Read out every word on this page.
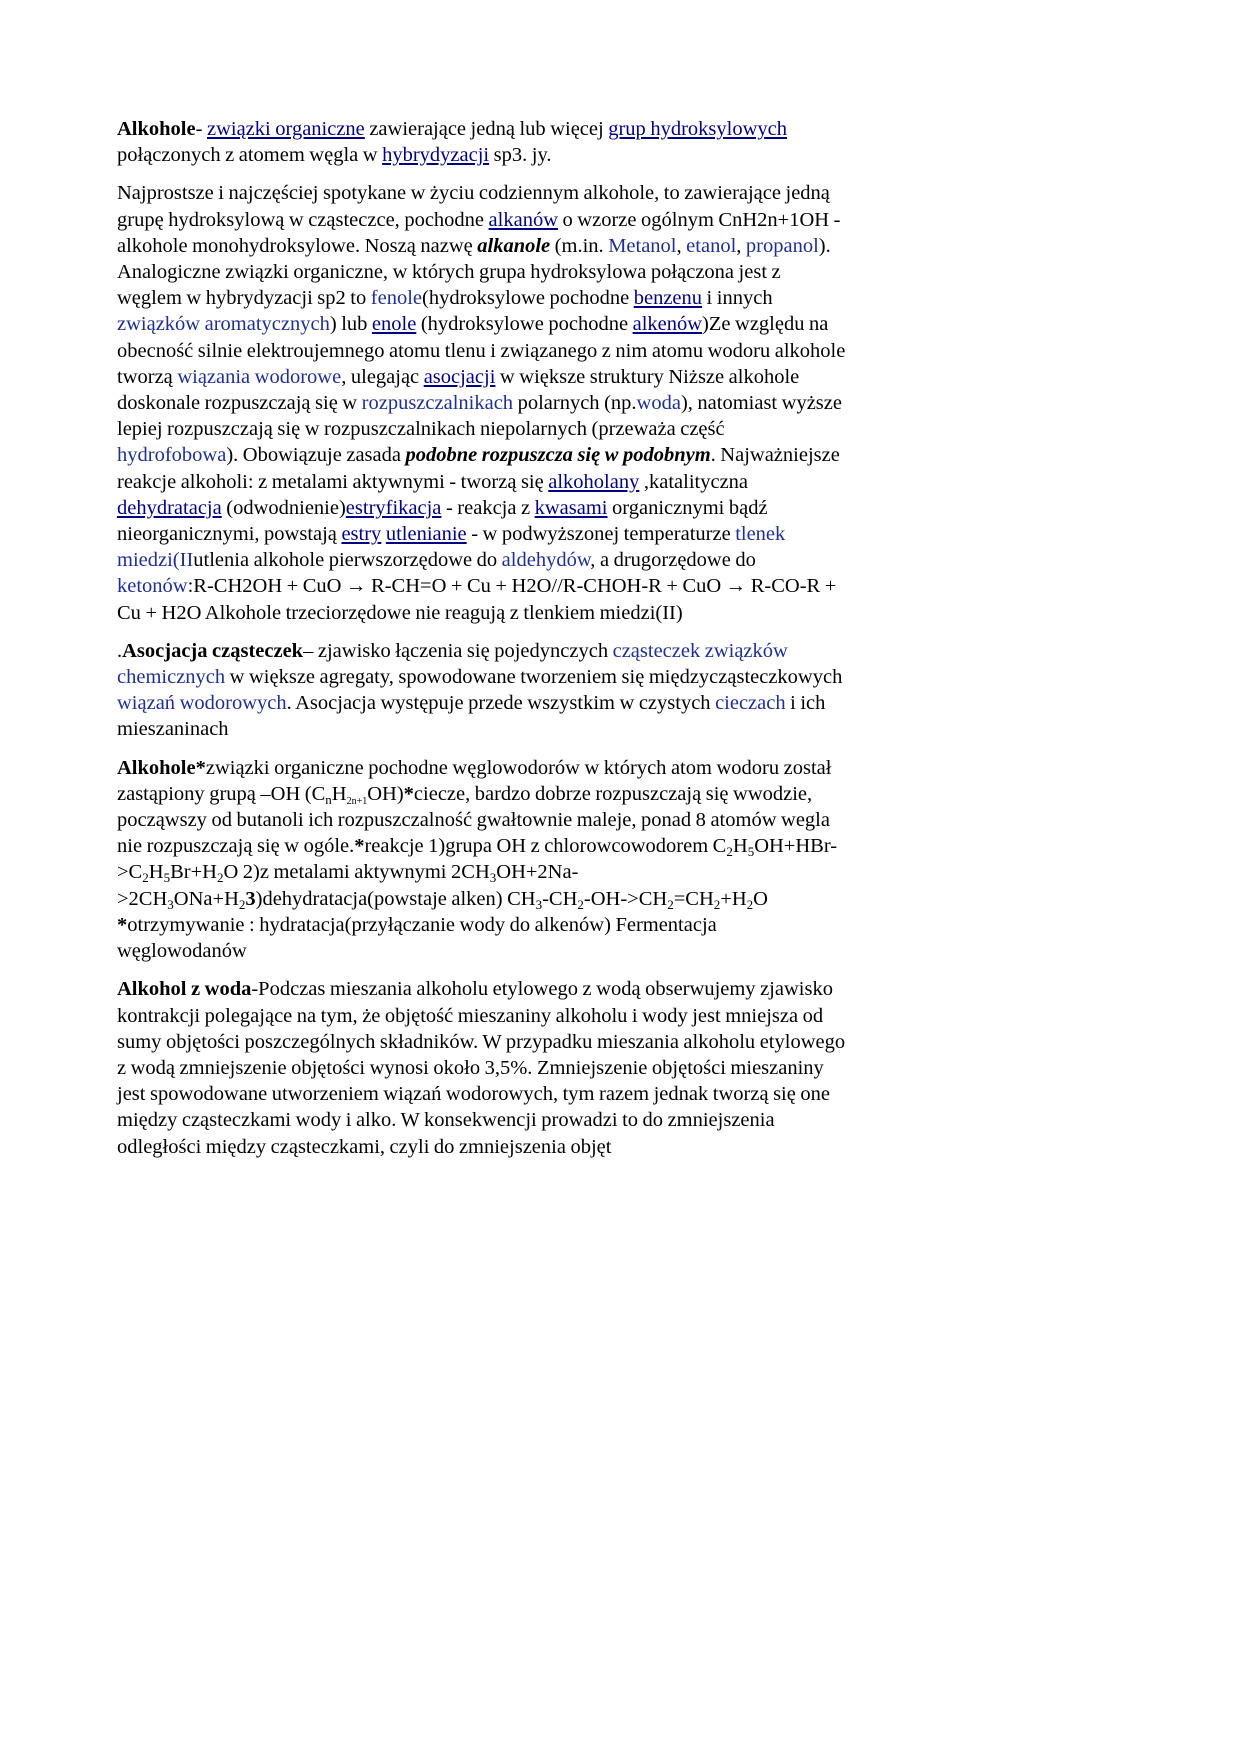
Alkohole- związki organiczne zawierające jedną lub więcej grup hydroksylowych
połączonych z atomem węgla w hybrydyzacji sp3. jy.
Najprostsze i najczęściej spotykane w życiu codziennym alkohole, to zawierające jedną
grupę hydroksylową w cząsteczce, pochodne alkanów o wzorze ogólnym CnH2n+1OH -
alkohole monohydroksylowe. Noszą nazwę alkanole (m.in. Metanol, etanol, propanol).
Analogiczne związki organiczne, w których grupa hydroksylowa połączona jest z
węglem w hybrydyzacji sp2 to fenole(hydroksylowe pochodne benzenu i innych
związków aromatycznych) lub enole (hydroksylowe pochodne alkenów)Ze względu na
obecność silnie elektroujemnego atomu tlenu i związanego z nim atomu wodoru alkohole
tworzą wiązania wodorowe, ulegając asocjacji w większe struktury Niższe alkohole
doskonale rozpuszczają się w rozpuszczalnikach polarnych (np.woda), natomiast wyższe
lepiej rozpuszczają się w rozpuszczalnikach niepolarnych (przeważa część
hydrofobowa). Obowiązuje zasada podobne rozpuszcza się w podobnym. Najważniejsze
reakcje alkoholi: z metalami aktywnymi - tworzą się alkoholany ,katalityczna
dehydratacja (odwodnienie)estryfikacja - reakcja z kwasami organicznymi bądź
nieorganicznymi, powstają estry utlenianie - w podwyższonej temperaturze tlenek
miedzi(IIutlenia alkohole pierwszorzędowe do aldehydów, a drugorzędowe do
ketonów:R-CH2OH + CuO → R-CH=O + Cu + H2O//R-CHOH-R + CuO → R-CO-R +
Cu + H2O Alkohole trzeciorzędowe nie reagują z tlenkiem miedzi(II)
.Asocjacja cząsteczek– zjawisko łączenia się pojedynczych cząsteczek związków
chemicznych w większe agregaty, spowodowane tworzeniem się międzycząsteczkowych
wiązań wodorowych. Asocjacja występuje przede wszystkim w czystych cieczach i ich
mieszaninach
Alkohole*związki organiczne pochodne węglowodorów w których atom wodoru został
zastąpiony grupą –OH $(C_nH_{2n+1}OH)*ciecze$, bardzo dobrze rozpuszczają się wwodzie,
począwszy od butanoli ich rozpuszczalność gwałtownie maleje, ponad 8 atomów wegla
nie rozpuszczają się w ogóle.*reakcje 1)grupa OH z chlorowcowodorem $C_2H_5OH+HBr-$
$>C_2H_5Br+H_2O$ 2)z metalami aktywnymi $2CH_3OH+2Na-$
$>2CH_3ONa+H_23)dehydratacja(powstaje$ alken) $CH_3-CH_2-OH->CH_2=CH_2+H_2O$
*otrzymywanie : hydratacja(przyłączanie wody do alkenów) Fermentacja
węglowodanów
Alkohol z woda-Podczas mieszania alkoholu etylowego z wodą obserwujemy zjawisko
kontrakcji polegające na tym, że objętość mieszaniny alkoholu i wody jest mniejsza od
sumy objętości poszczególnych składników. W przypadku mieszania alkoholu etylowego
z wodą zmniejszenie objętości wynosi około 3,5%. Zmniejszenie objętości mieszaniny
jest spowodowane utworzeniem wiązań wodorowych, tym razem jednak tworzą się one
między cząsteczkami wody i alko. W konsekwencji prowadzi to do zmniejszenia
odległości między cząsteczkami, czyli do zmniejszenia objęt
